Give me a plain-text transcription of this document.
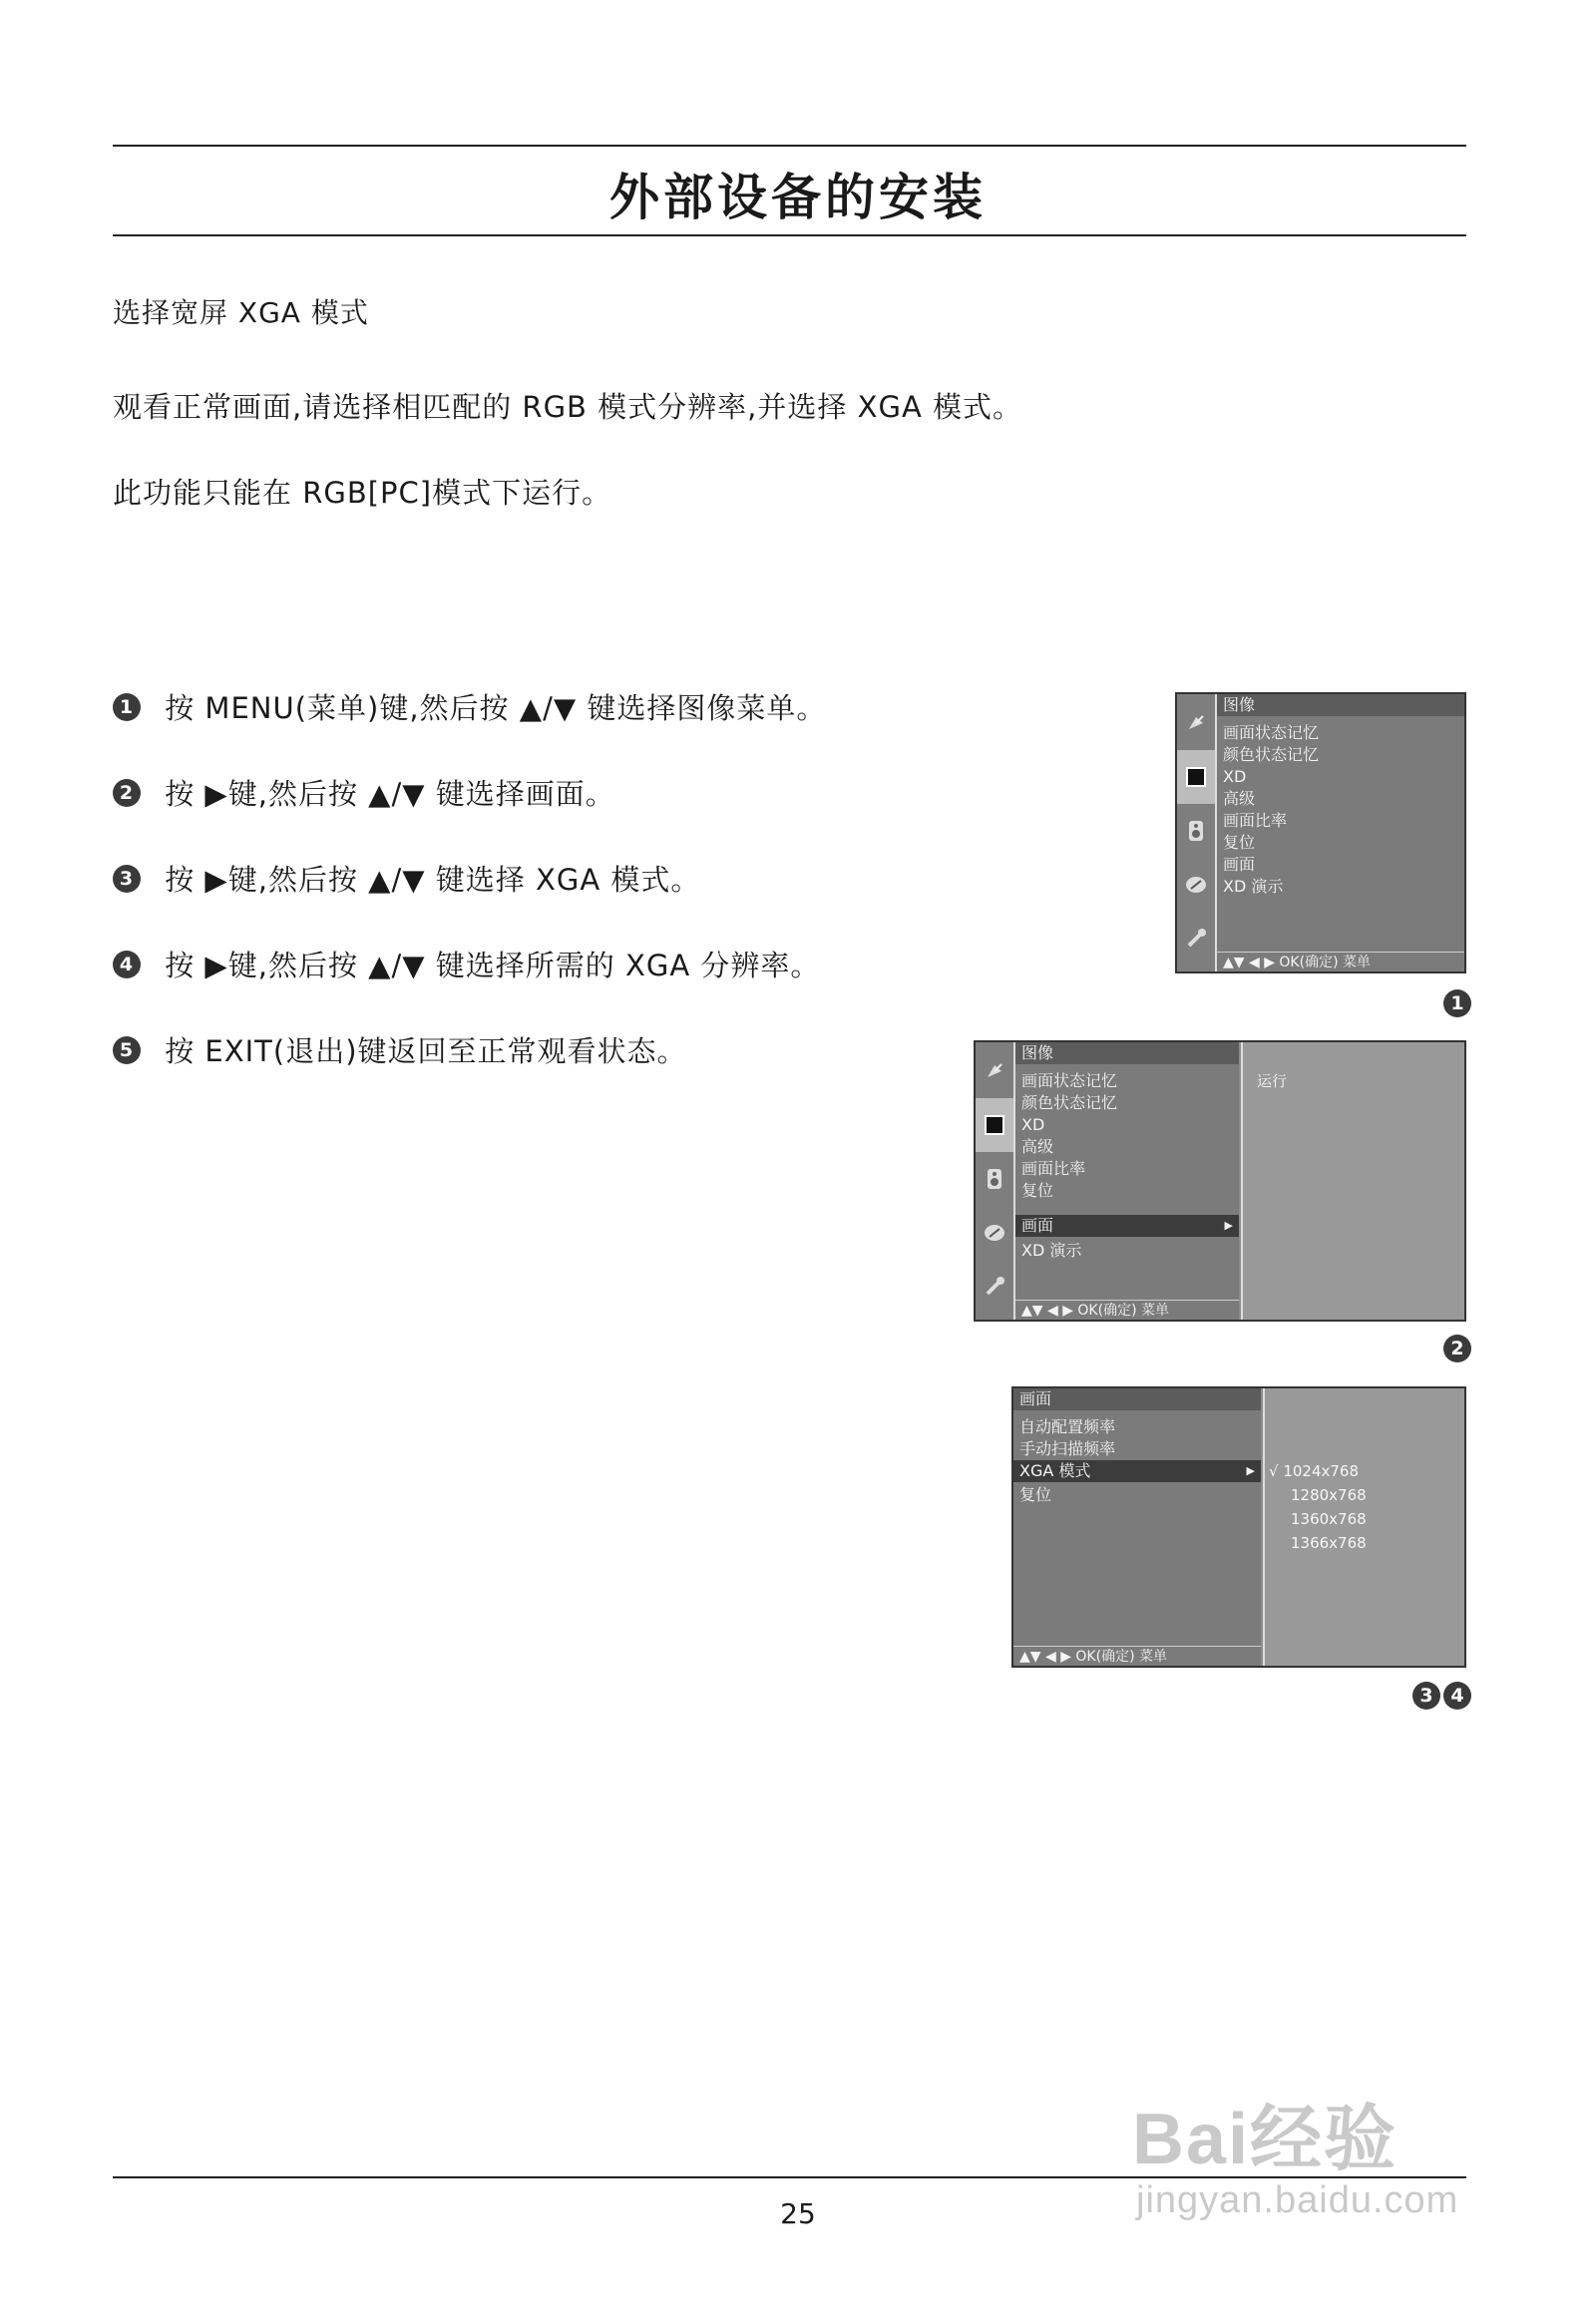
外部设备的安装
选择宽屏 XGA 模式
观看正常画面,请选择相匹配的 RGB 模式分辨率,并选择 XGA 模式。
此功能只能在 RGB[PC]模式下运行。
1 按 MENU(菜单)键,然后按 ▲/▼ 键选择图像菜单。
2 按 ▶键,然后按 ▲/▼ 键选择画面。
3 按 ▶键,然后按 ▲/▼ 键选择 XGA 模式。
4 按 ▶键,然后按 ▲/▼ 键选择所需的 XGA 分辨率。
5 按 EXIT(退出)键返回至正常观看状态。
图像
画面状态记忆
颜色状态记忆
XD
高级
画面比率
复位
画面
XD 演示
▲▼ ◀ ▶ OK(确定) 菜单
1
图像
画面状态记忆
颜色状态记忆
XD
高级
画面比率
复位
画面	▶
XD 演示
▲▼ ◀ ▶ OK(确定) 菜单
运行
2
画面
自动配置频率
手动扫描频率
XGA 模式	▶
复位
▲▼ ◀ ▶ OK(确定) 菜单
√ 1024x768
1280x768
1360x768
1366x768
3 4
25
Bai经验
jingyan.baidu.com
